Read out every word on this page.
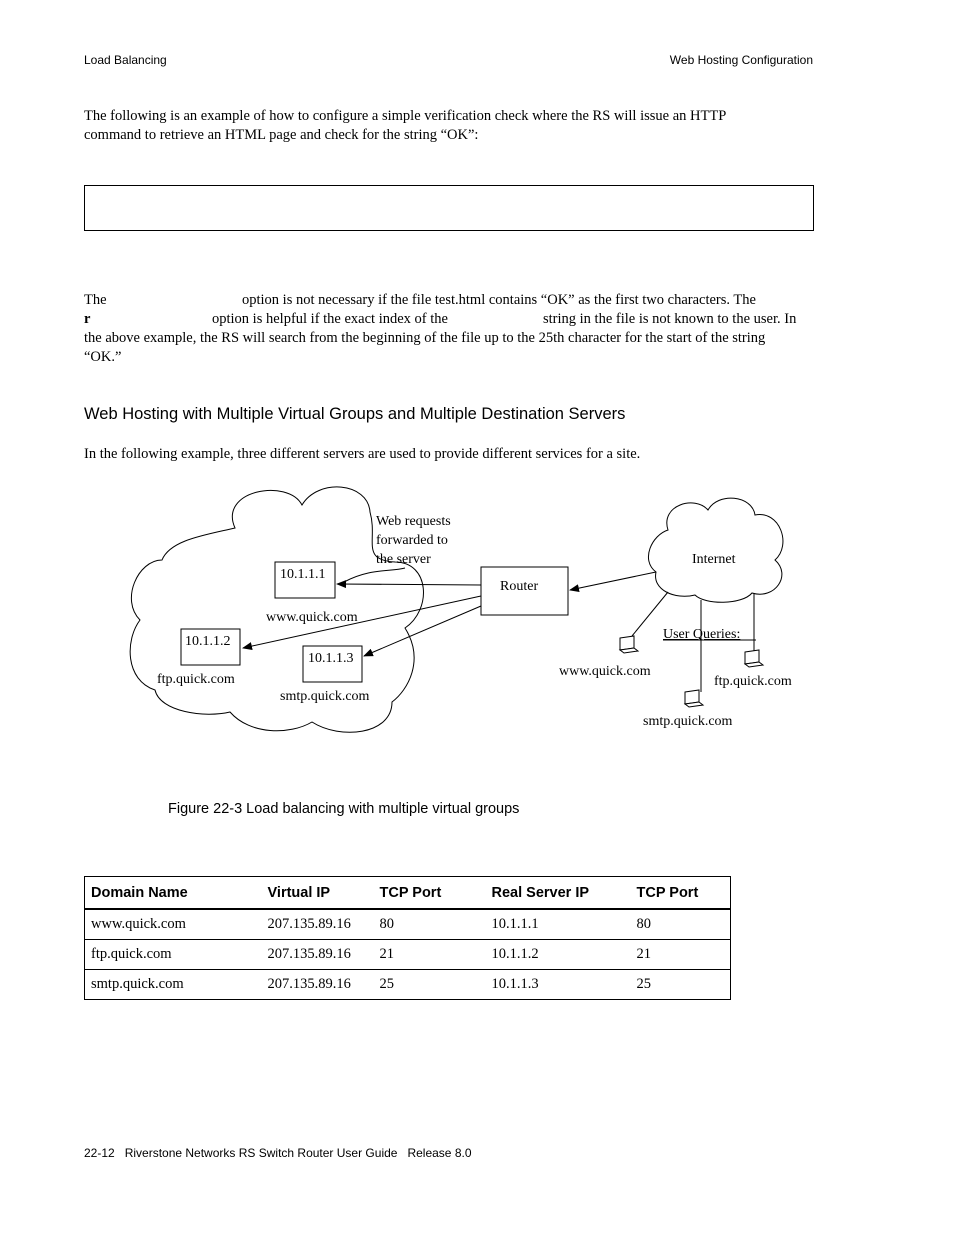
Load Balancing	Web Hosting Configuration
The following is an example of how to configure a simple verification check where the RS will issue an HTTP
command to retrieve an HTML page and check for the string “OK”:
The	option is not necessary if the file test.html contains “OK” as the first two characters. The
r	option is helpful if the exact index of the	string in the file is not known to the user. In
the above example, the RS will search from the beginning of the file up to the 25th character for the start of the string
“OK.”
Web Hosting with Multiple Virtual Groups and Multiple Destination Servers
In the following example, three different servers are used to provide different services for a site.
10.1.1.1
www.quick.com
10.1.1.2
ftp.quick.com
10.1.1.3
smtp.quick.com
Web requests
forwarded to
the server
Router
Internet
User Queries:
www.quick.com
ftp.quick.com
smtp.quick.com
Figure 22-3 Load balancing with multiple virtual groups
Domain Name	Virtual IP	TCP Port	Real Server IP	TCP Port
www.quick.com	207.135.89.16	80	10.1.1.1	80
ftp.quick.com	207.135.89.16	21	10.1.1.2	21
smtp.quick.com	207.135.89.16	25	10.1.1.3	25
22-12   Riverstone Networks RS Switch Router User Guide   Release 8.0
